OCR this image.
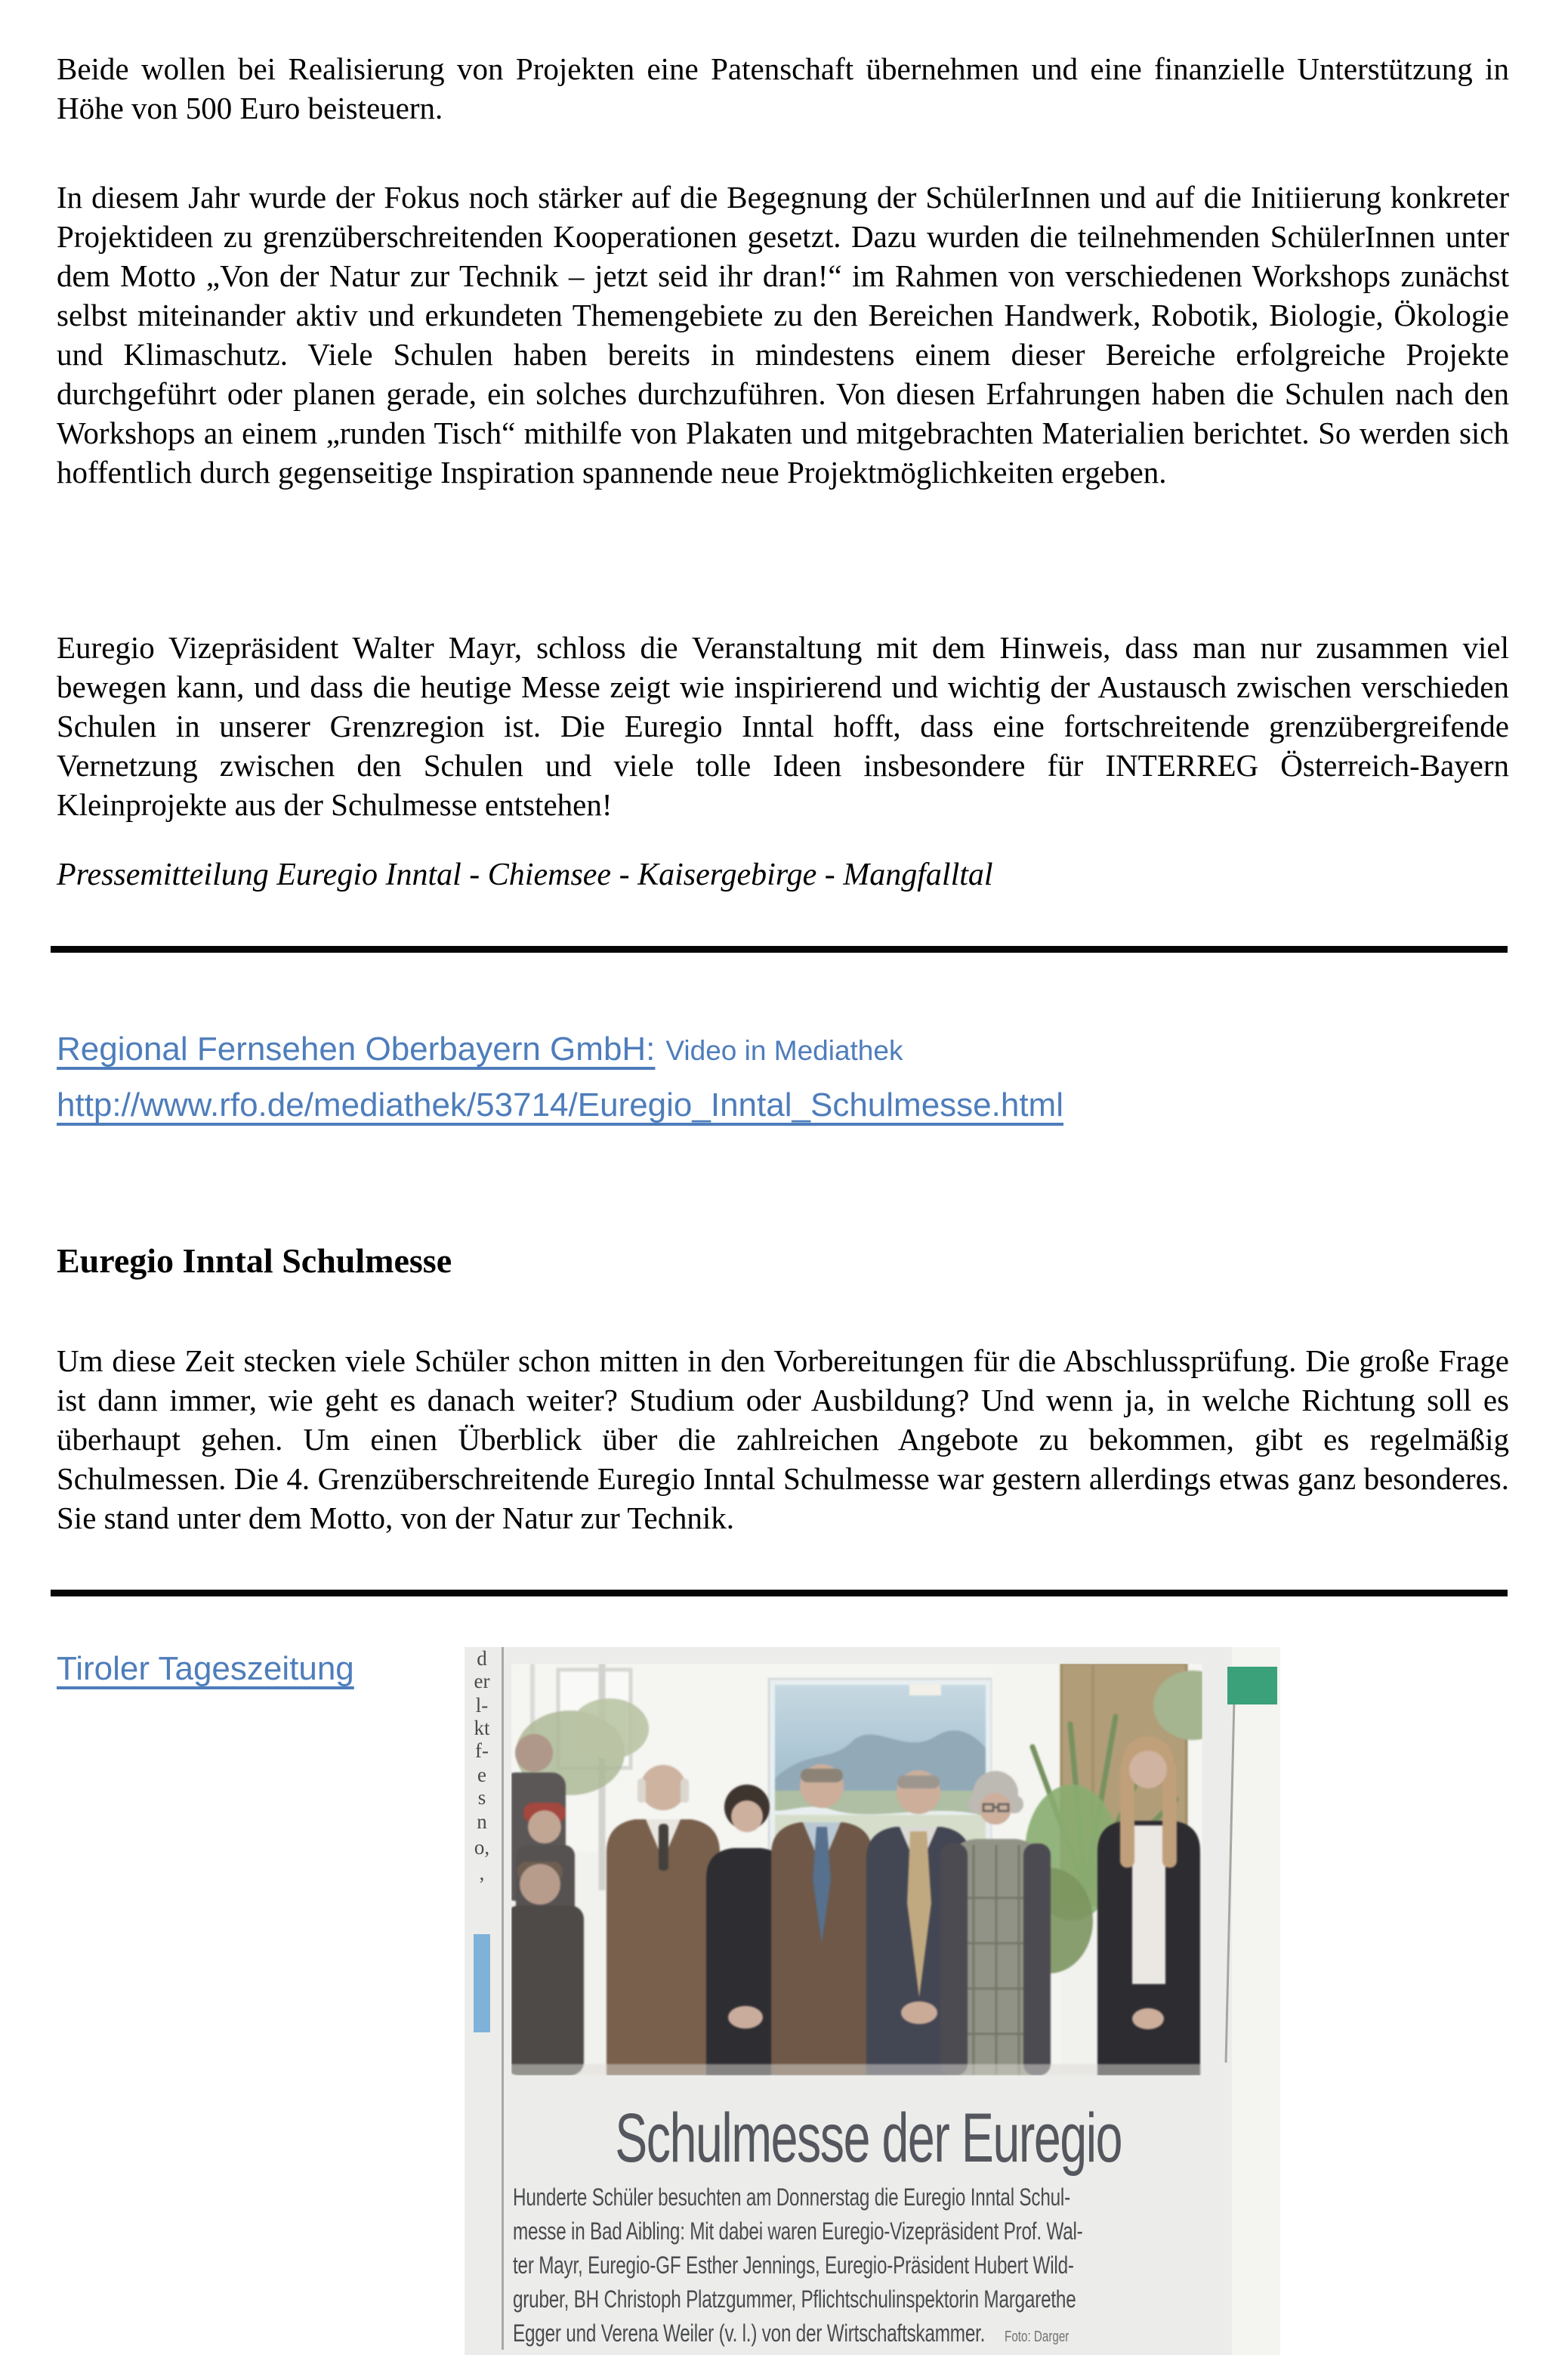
Beide wollen bei Realisierung von Projekten eine Patenschaft übernehmen und eine finanzielle Unterstützung in Höhe von 500 Euro beisteuern.

In diesem Jahr wurde der Fokus noch stärker auf die Begegnung der SchülerInnen und auf die Initiierung konkreter Projektideen zu grenzüberschreitenden Kooperationen gesetzt. Dazu wurden die teilnehmenden SchülerInnen unter dem Motto „Von der Natur zur Technik – jetzt seid ihr dran!“ im Rahmen von verschiedenen Workshops zunächst selbst miteinander aktiv und erkundeten Themengebiete zu den Bereichen Handwerk, Robotik, Biologie, Ökologie und Klimaschutz. Viele Schulen haben bereits in mindestens einem dieser Bereiche erfolgreiche Projekte durchgeführt oder planen gerade, ein solches durchzuführen. Von diesen Erfahrungen haben die Schulen nach den Workshops an einem „runden Tisch“ mithilfe von Plakaten und mitgebrachten Materialien berichtet. So werden sich hoffentlich durch gegenseitige Inspiration spannende neue Projektmöglichkeiten ergeben.

Euregio Vizepräsident Walter Mayr, schloss die Veranstaltung mit dem Hinweis, dass man nur zusammen viel bewegen kann, und dass die heutige Messe zeigt wie inspirierend und wichtig der Austausch zwischen verschieden Schulen in unserer Grenzregion ist. Die Euregio Inntal hofft, dass eine fortschreitende grenzübergreifende Vernetzung zwischen den Schulen und viele tolle Ideen insbesondere für INTERREG Österreich-Bayern Kleinprojekte aus der Schulmesse entstehen!

Pressemitteilung Euregio Inntal - Chiemsee - Kaisergebirge - Mangfalltal

Regional Fernsehen Oberbayern GmbH: Video in Mediathek
http://www.rfo.de/mediathek/53714/Euregio_Inntal_Schulmesse.html
Euregio Inntal Schulmesse

Um diese Zeit stecken viele Schüler schon mitten in den Vorbereitungen für die Abschlussprüfung. Die große Frage ist dann immer, wie geht es danach weiter? Studium oder Ausbildung? Und wenn ja, in welche Richtung soll es überhaupt gehen. Um einen Überblick über die zahlreichen Angebote zu bekommen, gibt es regelmäßig Schulmessen. Die 4. Grenzüberschreitende Euregio Inntal Schulmesse war gestern allerdings etwas ganz besonderes. Sie stand unter dem Motto, von der Natur zur Technik.

Tiroler Tageszeitung	d
er
l-
kt
f-
e
s
n
o,
,
Schulmesse der Euregio
Hunderte Schüler besuchten am Donnerstag die Euregio Inntal Schul-
messe in Bad Aibling: Mit dabei waren Euregio-Vizepräsident Prof. Wal-
ter Mayr, Euregio-GF Esther Jennings, Euregio-Präsident Hubert Wild-
gruber, BH Christoph Platzgummer, Pflichtschulinspektorin Margarethe
Egger und Verena Weiler (v. l.) von der Wirtschaftskammer. Foto: Darger
